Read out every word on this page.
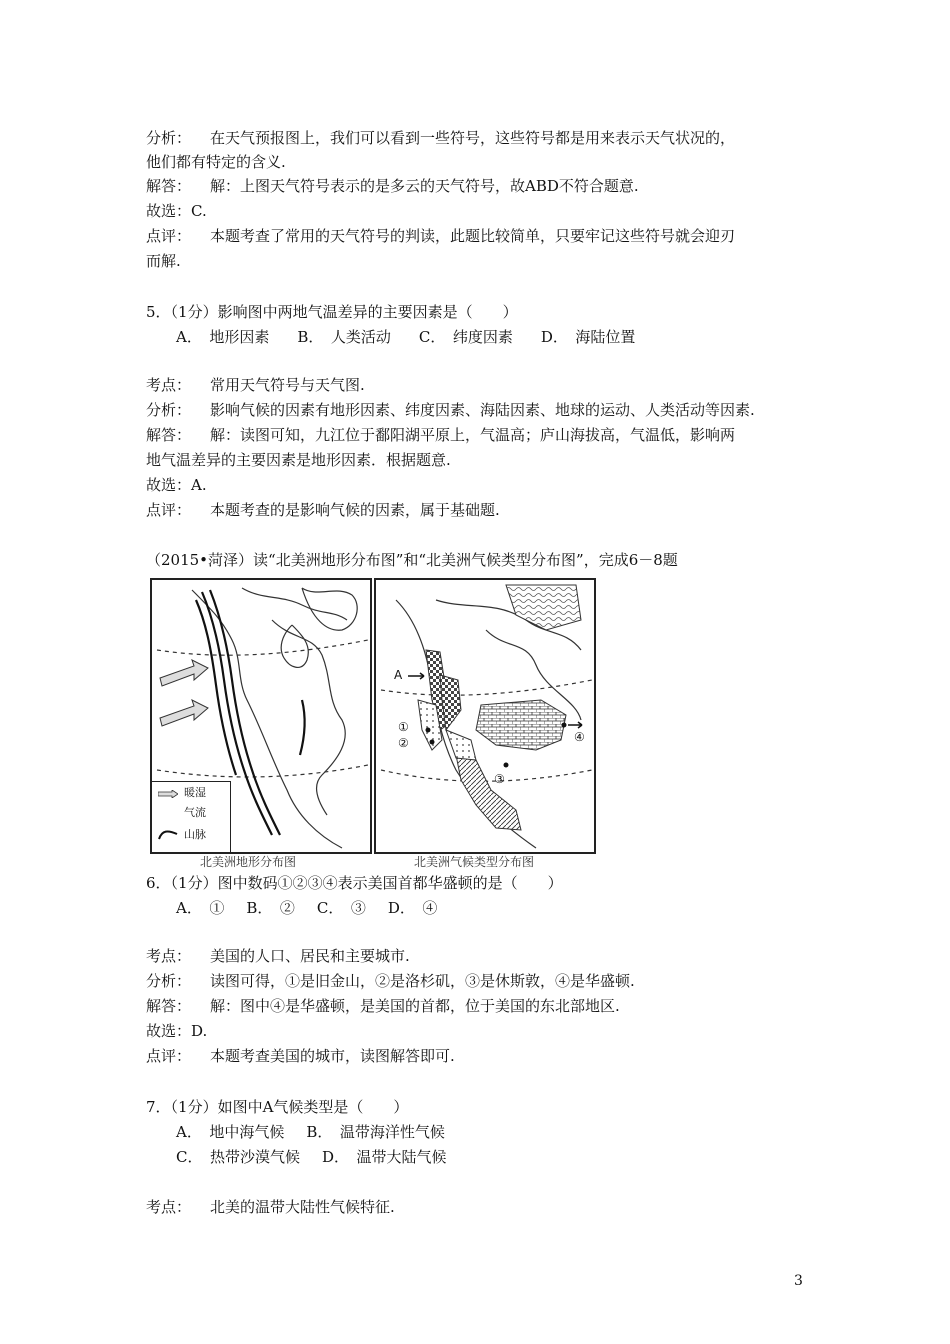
分析： 在天气预报图上，我们可以看到一些符号，这些符号都是用来表示天气状况的，
他们都有特定的含义.
解答： 解：上图天气符号表示的是多云的天气符号，故ABD不符合题意.
故选：C.
点评： 本题考查了常用的天气符号的判读，此题比较简单，只要牢记这些符号就会迎刃
而解.
5．（1分）影响图中两地气温差异的主要因素是（　　）
A．　地形因素 B．　人类活动 C．　纬度因素 D．　海陆位置
考点： 常用天气符号与天气图.
分析： 影响气候的因素有地形因素、纬度因素、海陆因素、地球的运动、人类活动等因素.
解答： 解：读图可知，九江位于鄱阳湖平原上，气温高；庐山海拔高，气温低，影响两
地气温差异的主要因素是地形因素．根据题意.
故选：A.
点评： 本题考查的是影响气候的因素，属于基础题.
（2015•菏泽）读“北美洲地形分布图”和“北美洲气候类型分布图”，完成6－8题
暖湿
气流
山脉
北美洲地形分布图
A
①
②
③
④
北美洲气候类型分布图
6．（1分）图中数码①②③④表示美国首都华盛顿的是（　　）
A．　① B．　② C．　③ D．　④
考点： 美国的人口、居民和主要城市.
分析： 读图可得，①是旧金山，②是洛杉矶，③是休斯敦，④是华盛顿.
解答： 解：图中④是华盛顿，是美国的首都，位于美国的东北部地区.
故选：D.
点评： 本题考查美国的城市，读图解答即可.
7．（1分）如图中A气候类型是（　　）
A．　地中海气候 B．　温带海洋性气候
C．　热带沙漠气候 D．　温带大陆气候
考点： 北美的温带大陆性气候特征.
3
